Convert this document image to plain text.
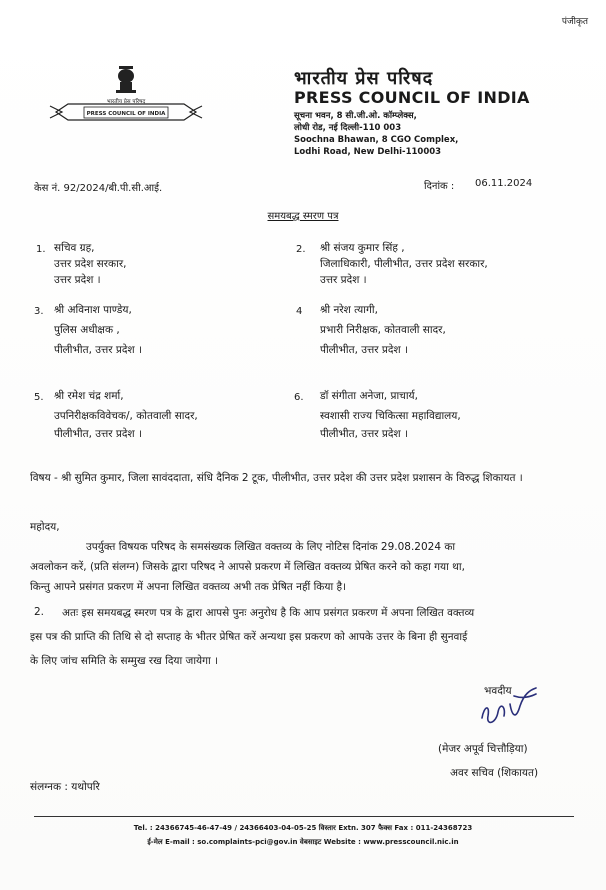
पंजीकृत
भारतीय प्रेस परिषद
PRESS COUNCIL OF INDIA
भारतीय प्रेस परिषद
PRESS COUNCIL OF INDIA
सूचना भवन, 8 सी.जी.ओ. कॉम्प्लेक्स,
लोधी रोड, नई दिल्ली-110 003
Soochna Bhawan, 8 CGO Complex,
Lodhi Road, New Delhi-110003
केस नं. 92/2024/बी.पी.सी.आई.	दिनांक : 06.11.2024
समयबद्ध स्मरण पत्र
1. सचिव ग्रह,
उत्तर प्रदेश सरकार,
उत्तर प्रदेश ।
2. श्री संजय कुमार सिंह ,
जिलाधिकारी, पीलीभीत, उत्तर प्रदेश सरकार,
उत्तर प्रदेश ।
3. श्री अविनाश पाण्डेय,
पुलिस अधीक्षक ,
पीलीभीत, उत्तर प्रदेश ।
4 श्री नरेश त्यागी,
प्रभारी निरीक्षक, कोतवाली सादर,
पीलीभीत, उत्तर प्रदेश ।
5. श्री रमेश चंद्र शर्मा,
उपनिरीक्षकविवेचक/, कोतवाली सादर,
पीलीभीत, उत्तर प्रदेश ।
6. डॉ संगीता अनेजा, प्राचार्य,
स्वशासी राज्य चिकित्सा महाविद्यालय,
पीलीभीत, उत्तर प्रदेश ।
विषय - श्री सुमित कुमार, जिला सावंददाता, संधि दैनिक 2 टूक, पीलीभीत, उत्तर प्रदेश की उत्तर प्रदेश प्रशासन के विरुद्ध शिकायत ।
महोदय,
उपर्युक्त विषयक परिषद के समसंख्यक लिखित वक्तव्य के लिए नोटिस दिनांक 29.08.2024 का
अवलोकन करें, (प्रति संलग्न) जिसके द्वारा परिषद ने आपसे प्रकरण में लिखित वक्तव्य प्रेषित करने को कहा गया था,
किन्तु आपने प्रसंगत प्रकरण में अपना लिखित वक्तव्य अभी तक प्रेषित नहीं किया है।
2. अतः इस समयबद्ध स्मरण पत्र के द्वारा आपसे पुनः अनुरोध है कि आप प्रसंगत प्रकरण में अपना लिखित वक्तव्य
इस पत्र की प्राप्ति की तिथि से दो सप्ताह के भीतर प्रेषित करें अन्यथा इस प्रकरण को आपके उत्तर के बिना ही सुनवाई
के लिए जांच समिति के सम्मुख रख दिया जायेगा ।
भवदीय
(मेजर अपूर्व चित्तौड़िया)
अवर सचिव (शिकायत)
संलग्नक : यथोपरि
Tel. : 24366745-46-47-49 / 24366403-04-05-25 विस्तार Extn. 307 फैक्स Fax : 011-24368723
ई-मेल E-mail : so.complaints-pci@gov.in वेबसाइट Website : www.presscouncil.nic.in
